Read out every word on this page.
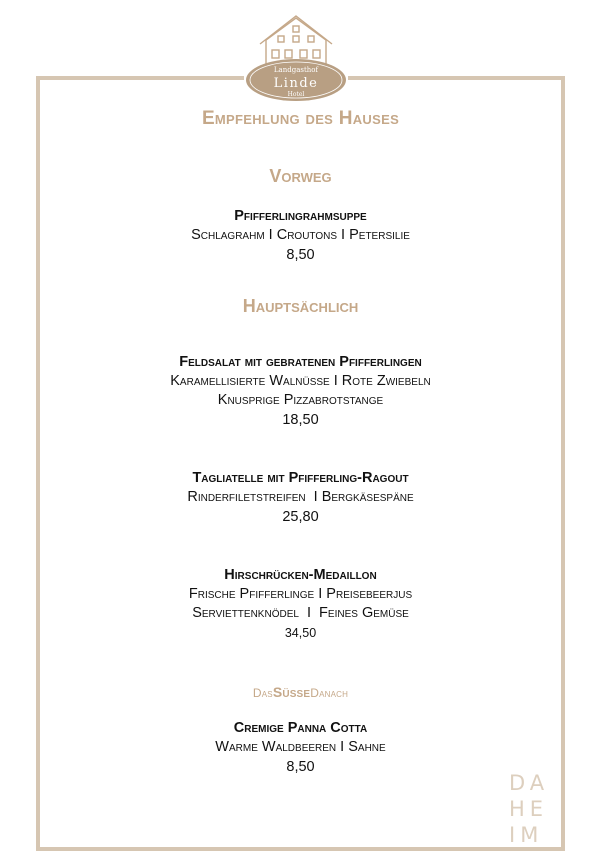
Landgasthof
Linde
Hotel
Empfehlung des Hauses
Vorweg
Pfifferlingrahmsuppe
Schlagrahm I Croutons I Petersilie
8,50
Hauptsächlich
Feldsalat mit gebratenen Pfifferlingen
Karamellisierte Walnüsse I Rote Zwiebeln
Knusprige Pizzabrotstange
18,50
Tagliatelle mit Pfifferling-Ragout
Rinderfiletstreifen  I Bergkäsespäne
25,80
Hirschrücken-Medaillon
Frische Pfifferlinge I Preisebeerjus
Serviettenknödel  I  Feines Gemüse
34,50
DasSüßeDanach
Cremige Panna Cotta
Warme Waldbeeren I Sahne
8,50
DA
HE
IM
